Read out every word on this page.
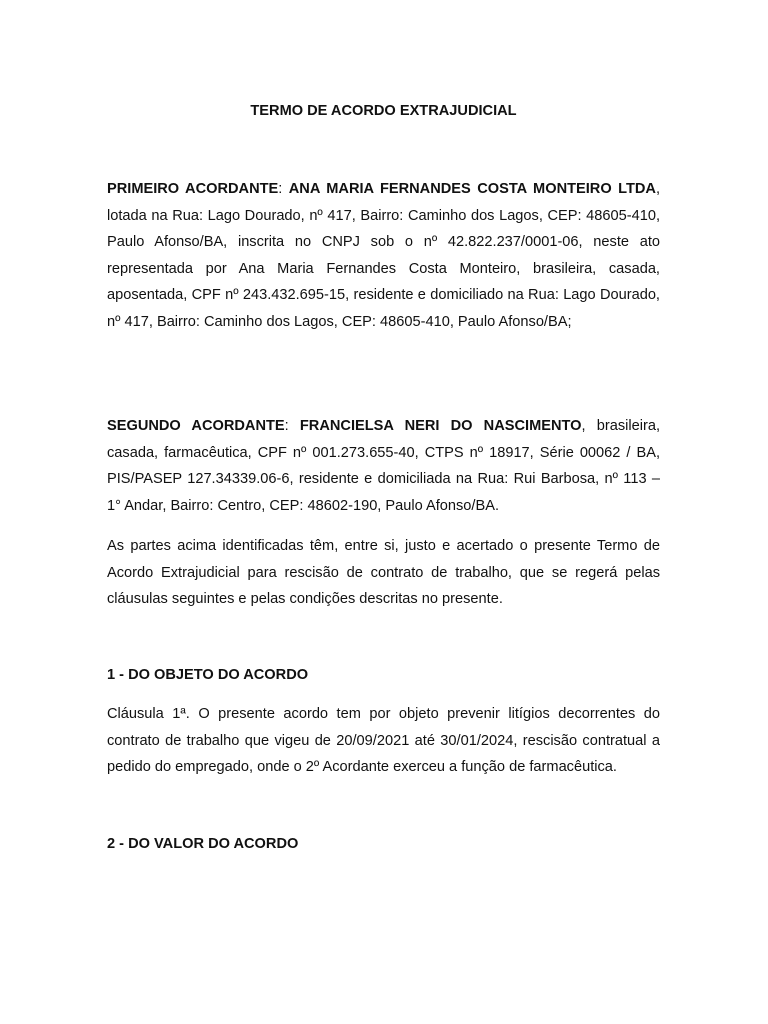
TERMO DE ACORDO EXTRAJUDICIAL

PRIMEIRO ACORDANTE: ANA MARIA FERNANDES COSTA MONTEIRO LTDA, lotada na Rua: Lago Dourado, nº 417, Bairro: Caminho dos Lagos, CEP: 48605-410, Paulo Afonso/BA, inscrita no CNPJ sob o nº 42.822.237/0001-06, neste ato representada por Ana Maria Fernandes Costa Monteiro, brasileira, casada, aposentada, CPF nº 243.432.695-15, residente e domiciliado na Rua: Lago Dourado, nº 417, Bairro: Caminho dos Lagos, CEP: 48605-410, Paulo Afonso/BA;

SEGUNDO ACORDANTE: FRANCIELSA NERI DO NASCIMENTO, brasileira, casada, farmacêutica, CPF nº 001.273.655-40, CTPS nº 18917, Série 00062 / BA, PIS/PASEP 127.34339.06-6, residente e domiciliada na Rua: Rui Barbosa, nº 113 – 1° Andar, Bairro: Centro, CEP: 48602-190, Paulo Afonso/BA.

As partes acima identificadas têm, entre si, justo e acertado o presente Termo de Acordo Extrajudicial para rescisão de contrato de trabalho, que se regerá pelas cláusulas seguintes e pelas condições descritas no presente.

1 - DO OBJETO DO ACORDO

Cláusula 1ª. O presente acordo tem por objeto prevenir litígios decorrentes do contrato de trabalho que vigeu de 20/09/2021 até 30/01/2024, rescisão contratual a pedido do empregado, onde o 2º Acordante exerceu a função de farmacêutica.

2 - DO VALOR DO ACORDO
